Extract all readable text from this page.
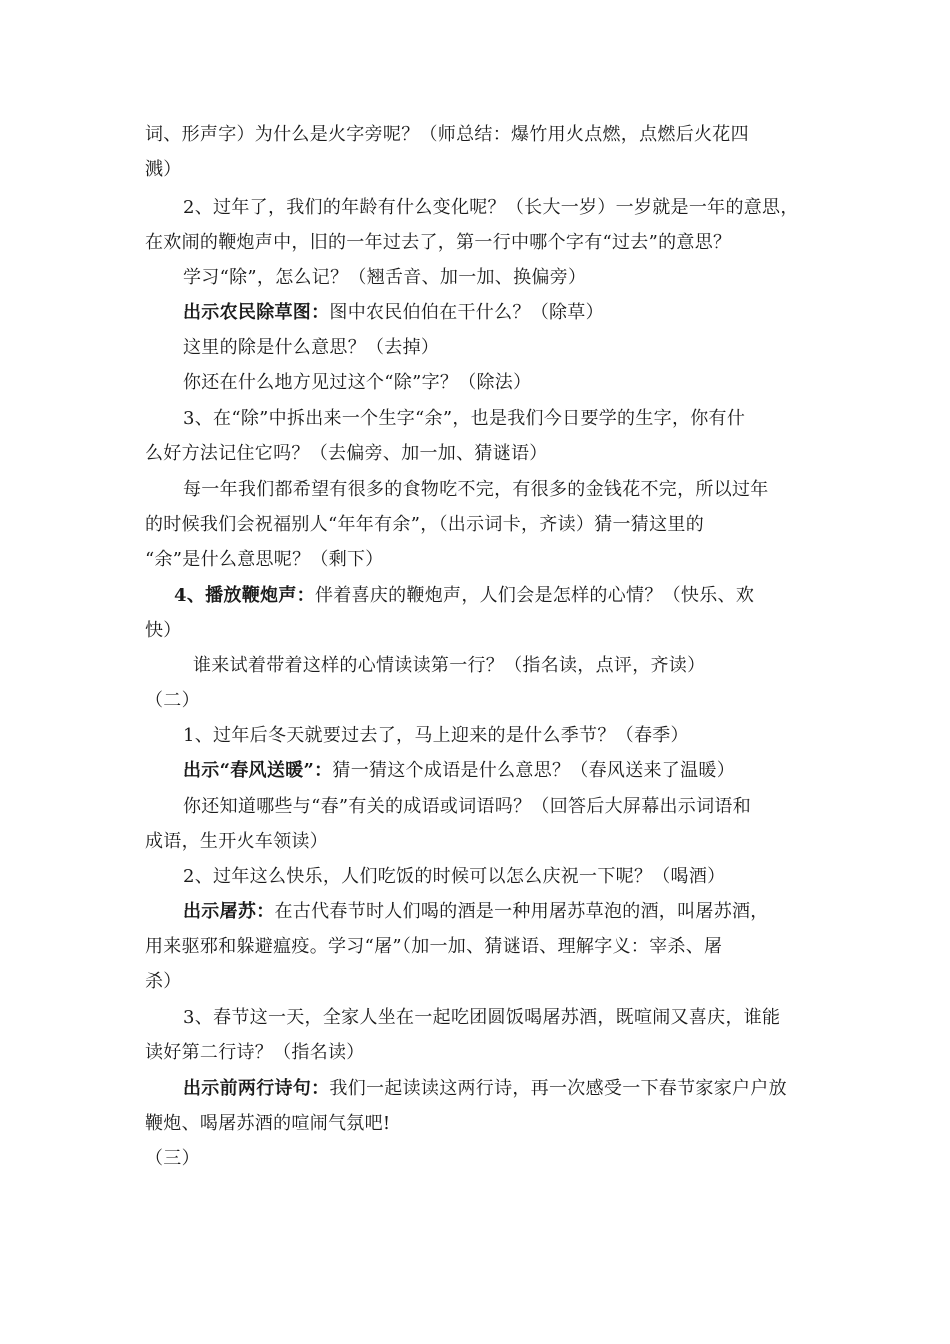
词、形声字）为什么是火字旁呢？（师总结：爆竹用火点燃，点燃后火花四
溅）
2、过年了，我们的年龄有什么变化呢？（长大一岁）一岁就是一年的意思，
在欢闹的鞭炮声中，旧的一年过去了，第一行中哪个字有“过去”的意思？
学习“除”，怎么记？（翘舌音、加一加、换偏旁）
出示农民除草图：图中农民伯伯在干什么？（除草）
这里的除是什么意思？（去掉）
你还在什么地方见过这个“除”字？（除法）
3、在“除”中拆出来一个生字“余”，也是我们今日要学的生字，你有什
么好方法记住它吗？（去偏旁、加一加、猜谜语）
每一年我们都希望有很多的食物吃不完，有很多的金钱花不完，所以过年
的时候我们会祝福别人“年年有余”，（出示词卡，齐读）猜一猜这里的
“余”是什么意思呢？（剩下）
4、播放鞭炮声：伴着喜庆的鞭炮声，人们会是怎样的心情？（快乐、欢
快）
谁来试着带着这样的心情读读第一行？（指名读，点评，齐读）
（二）
1、过年后冬天就要过去了，马上迎来的是什么季节？（春季）
出示“春风送暖”：猜一猜这个成语是什么意思？（春风送来了温暖）
你还知道哪些与“春”有关的成语或词语吗？（回答后大屏幕出示词语和
成语，生开火车领读）
2、过年这么快乐，人们吃饭的时候可以怎么庆祝一下呢？（喝酒）
出示屠苏：在古代春节时人们喝的酒是一种用屠苏草泡的酒，叫屠苏酒，
用来驱邪和躲避瘟疫。学习“屠”（加一加、猜谜语、理解字义：宰杀、屠
杀）
3、春节这一天，全家人坐在一起吃团圆饭喝屠苏酒，既喧闹又喜庆，谁能
读好第二行诗？（指名读）
出示前两行诗句：我们一起读读这两行诗，再一次感受一下春节家家户户放
鞭炮、喝屠苏酒的喧闹气氛吧!
（三）
